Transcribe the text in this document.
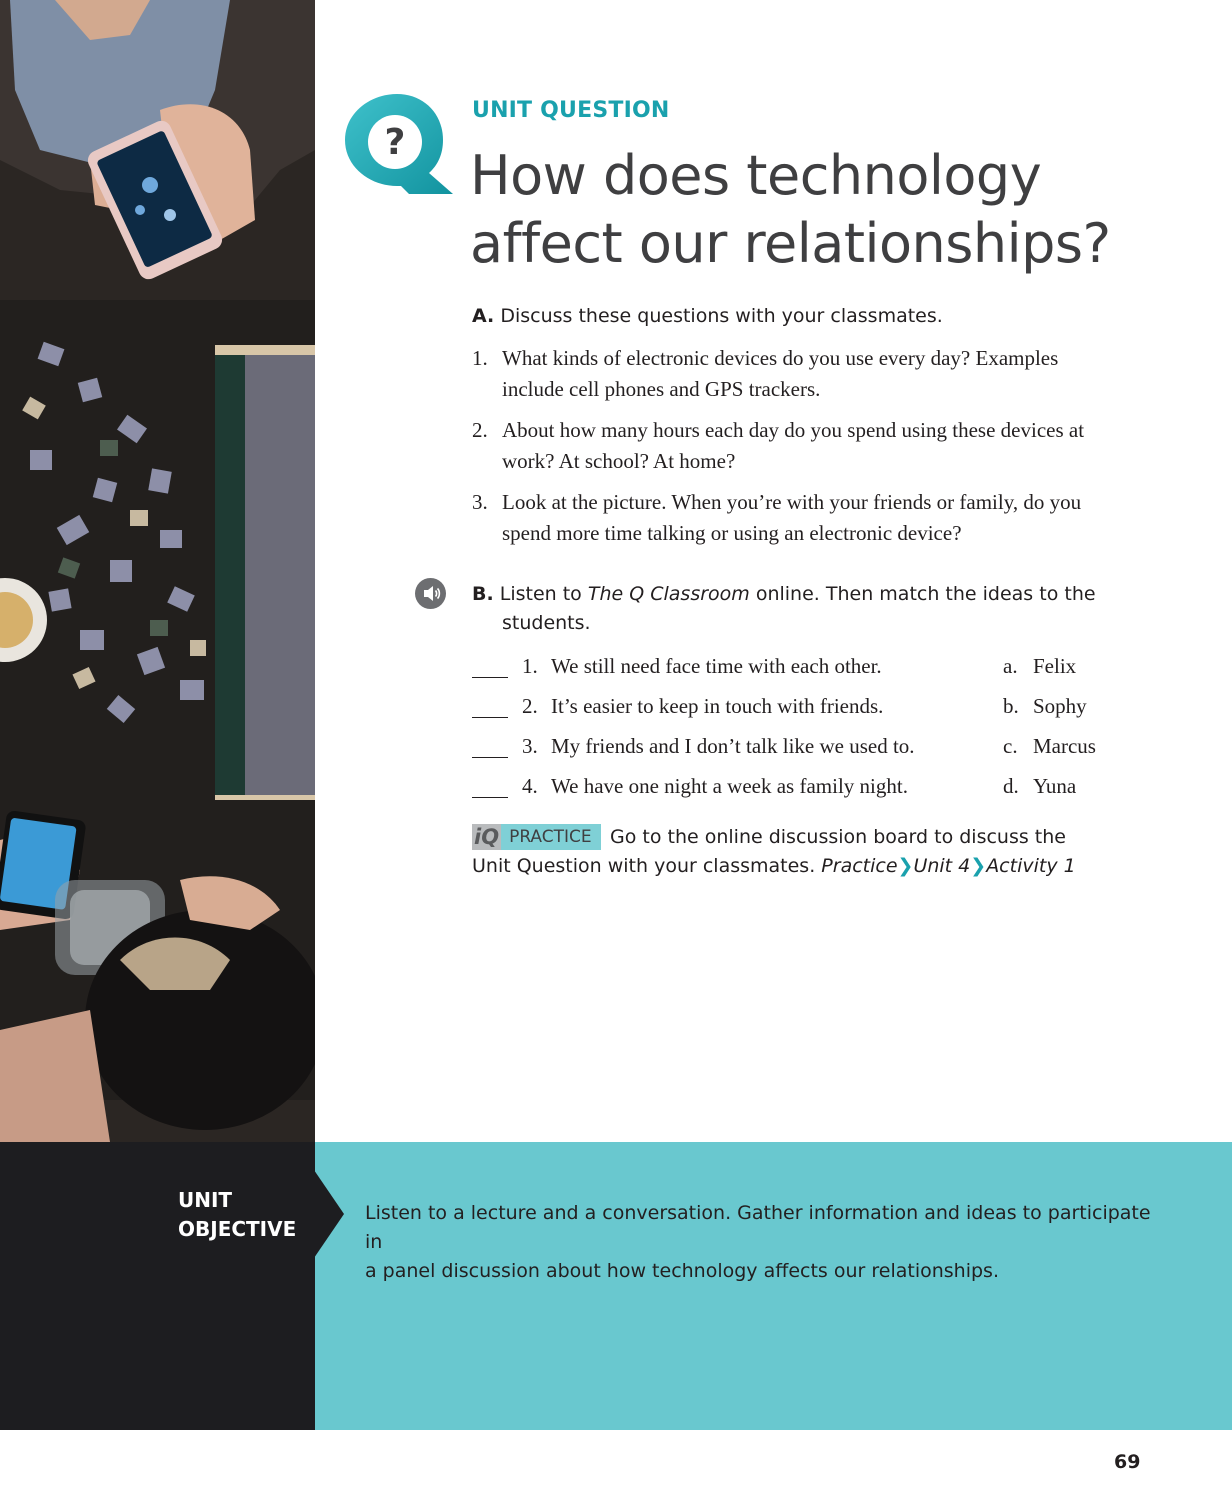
?
UNIT QUESTION
How does technology
affect our relationships?
A. Discuss these questions with your classmates.
1. What kinds of electronic devices do you use every day? Examples
include cell phones and GPS trackers.
2. About how many hours each day do you spend using these devices at
work? At school? At home?
3. Look at the picture. When you’re with your friends or family, do you
spend more time talking or using an electronic device?
B. Listen to The Q Classroom online. Then match the ideas to the
students.
1. We still need face time with each other.	a. Felix
2. It’s easier to keep in touch with friends.	b. Sophy
3. My friends and I don’t talk like we used to.	c. Marcus
4. We have one night a week as family night.	d. Yuna
iQ PRACTICE Go to the online discussion board to discuss the
Unit Question with your classmates. Practice❯Unit 4❯Activity 1
UNIT
OBJECTIVE
Listen to a lecture and a conversation. Gather information and ideas to participate in
a panel discussion about how technology affects our relationships.
69
